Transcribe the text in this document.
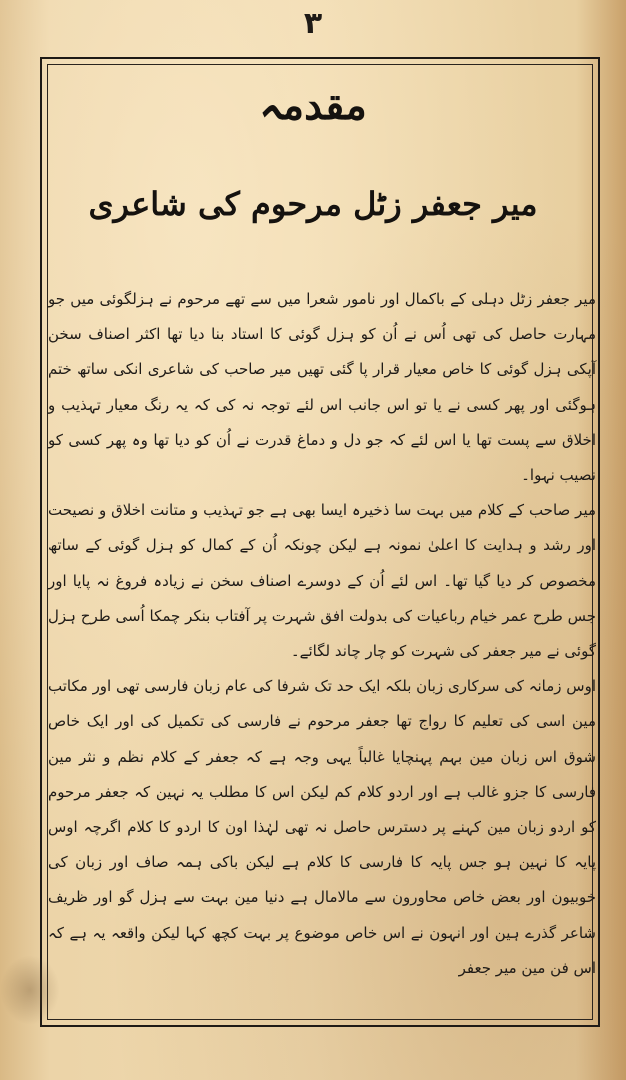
۳
مقدمہ
میر جعفر زٹل مرحوم کی شاعری

میر جعفر زٹل دہلی کے باکمال اور نامور شعرا میں سے تھے مرحوم نے ہزلگوئی میں جو مہارت حاصل کی تھی اُس نے اُن کو ہزل گوئی کا استاد بنا دیا تھا اکثر اصناف سخن آپکی ہزل گوئی کا خاص معیار قرار پا گئی تھیں میر صاحب کی شاعری انکی ساتھ ختم ہوگئی اور پھر کسی نے یا تو اس جانب اس لئے توجہ نہ کی کہ یہ رنگ معیار تہذیب و اخلاق سے پست تھا یا اس لئے کہ جو دل و دماغ قدرت نے اُن کو دیا تھا وہ پھر کسی کو نصیب نہوا۔

میر صاحب کے کلام میں بہت سا ذخیرہ ایسا بھی ہے جو تہذیب و متانت اخلاق و نصیحت اور رشد و ہدایت کا اعلیٰ نمونہ ہے لیکن چونکہ اُن کے کمال کو ہزل گوئی کے ساتھ مخصوص کر دیا گیا تھا۔ اس لئے اُن کے دوسرے اصناف سخن نے زیادہ فروغ نہ پایا اور جس طرح عمر خیام رباعیات کی بدولت افق شہرت پر آفتاب بنکر چمکا اُسی طرح ہزل گوئی نے میر جعفر کی شہرت کو چار چاند لگائے۔

اوس زمانہ کی سرکاری زبان بلکہ ایک حد تک شرفا کی عام زبان فارسی تھی اور مکاتب مین اسی کی تعلیم کا رواج تھا جعفر مرحوم نے فارسی کی تکمیل کی اور ایک خاص شوق اس زبان مین بہم پہنچایا غالباً یہی وجہ ہے کہ جعفر کے کلام نظم و نثر مین فارسی کا جزو غالب ہے اور اردو کلام کم لیکن اس کا مطلب یہ نہین کہ جعفر مرحوم کو اردو زبان مین کہنے پر دسترس حاصل نہ تھی لہٰذا اون کا اردو کا کلام اگرچہ اوس پایہ کا نہین ہو جس پایہ کا فارسی کا کلام ہے لیکن باکی ہمہ صاف اور زبان کی خوبیون اور بعض خاص محاورون سے مالامال ہے دنیا مین بہت سے ہزل گو اور ظریف شاعر گذرے ہین اور انہون نے اس خاص موضوع پر بہت کچھ کہا لیکن واقعہ یہ ہے کہ اس فن مین میر جعفر
